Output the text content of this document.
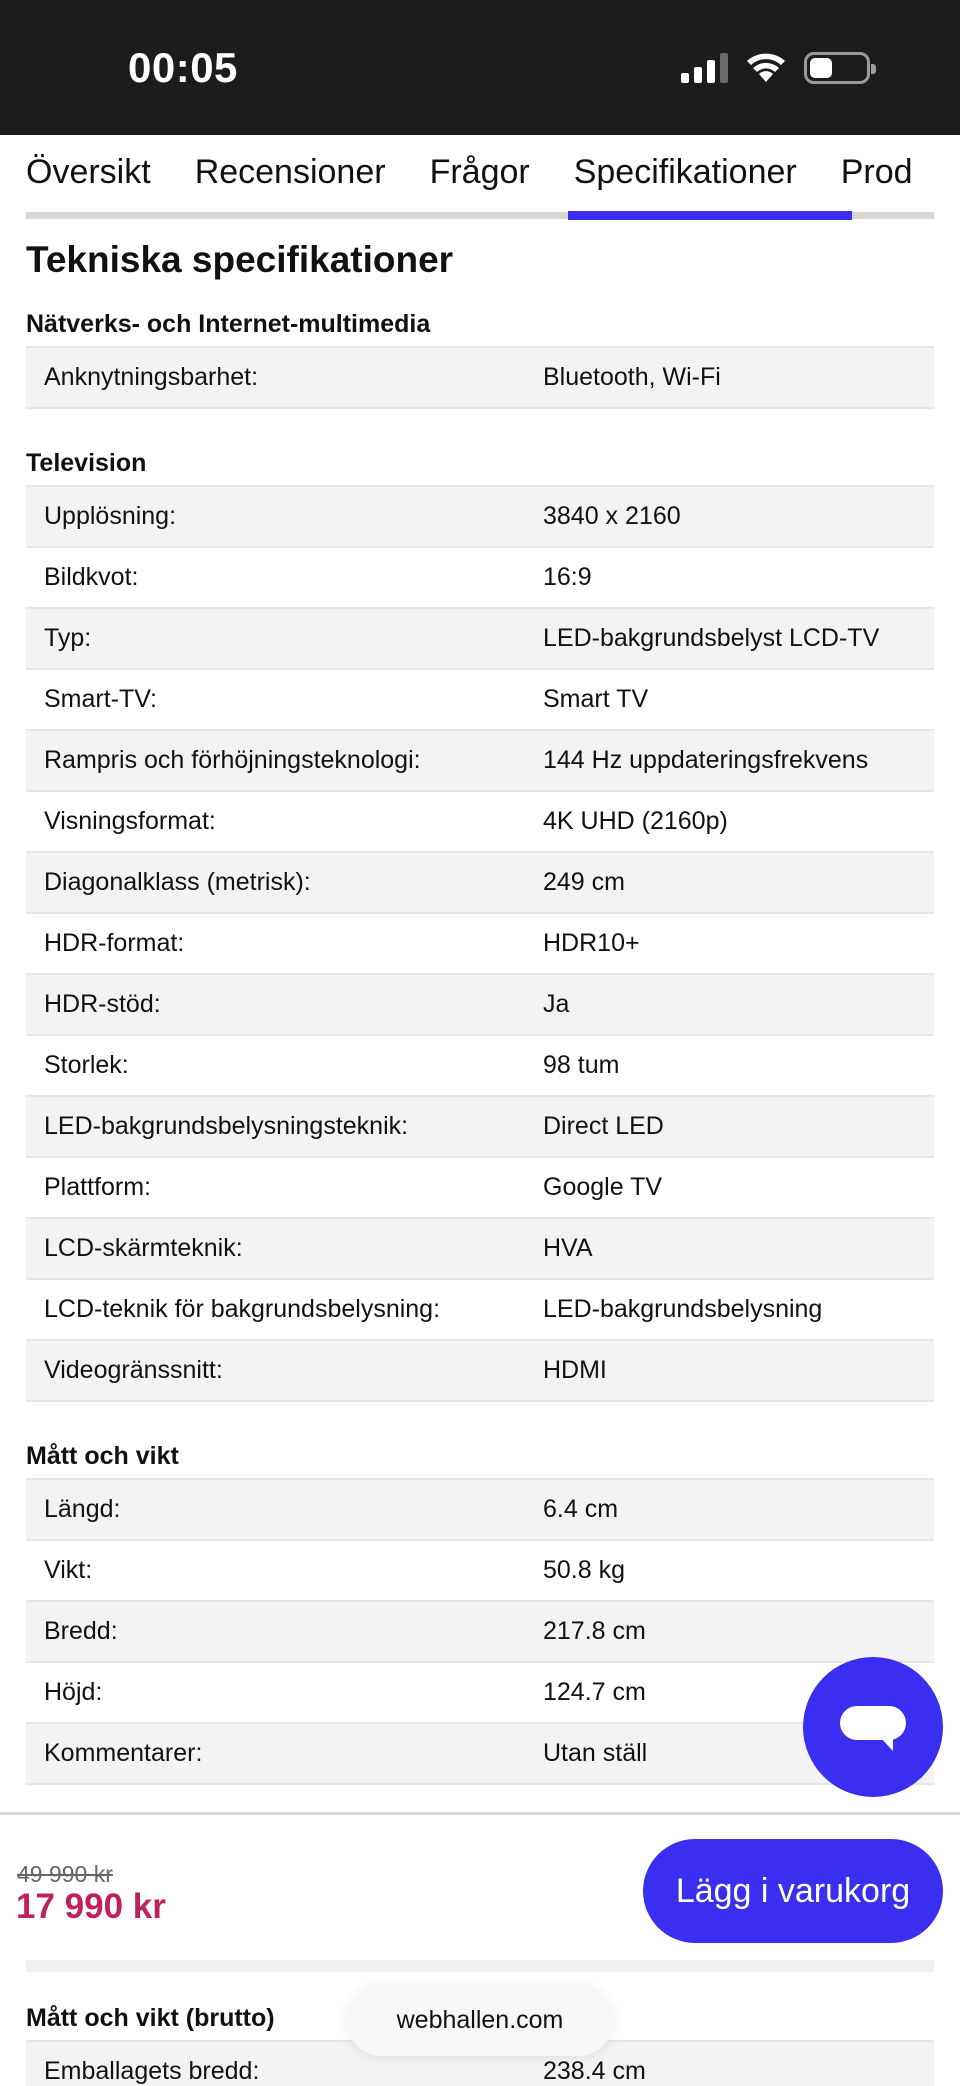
00:05
Översikt Recensioner Frågor Specifikationer Prod
Tekniska specifikationer
Nätverks- och Internet-multimedia
Anknytningsbarhet:	Bluetooth, Wi-Fi
Television
Upplösning:	3840 x 2160
Bildkvot:	16:9
Typ:	LED-bakgrundsbelyst LCD-TV
Smart-TV:	Smart TV
Rampris och förhöjningsteknologi:	144 Hz uppdateringsfrekvens
Visningsformat:	4K UHD (2160p)
Diagonalklass (metrisk):	249 cm
HDR-format:	HDR10+
HDR-stöd:	Ja
Storlek:	98 tum
LED-bakgrundsbelysningsteknik:	Direct LED
Plattform:	Google TV
LCD-skärmteknik:	HVA
LCD-teknik för bakgrundsbelysning:	LED-bakgrundsbelysning
Videogränssnitt:	HDMI
Mått och vikt
Längd:	6.4 cm
Vikt:	50.8 kg
Bredd:	217.8 cm
Höjd:	124.7 cm
Kommentarer:	Utan ställ
49 990 kr
17 990 kr	Lägg i varukorg
Mått och vikt (brutto)
Emballagets bredd:	238.4 cm
webhallen.com
